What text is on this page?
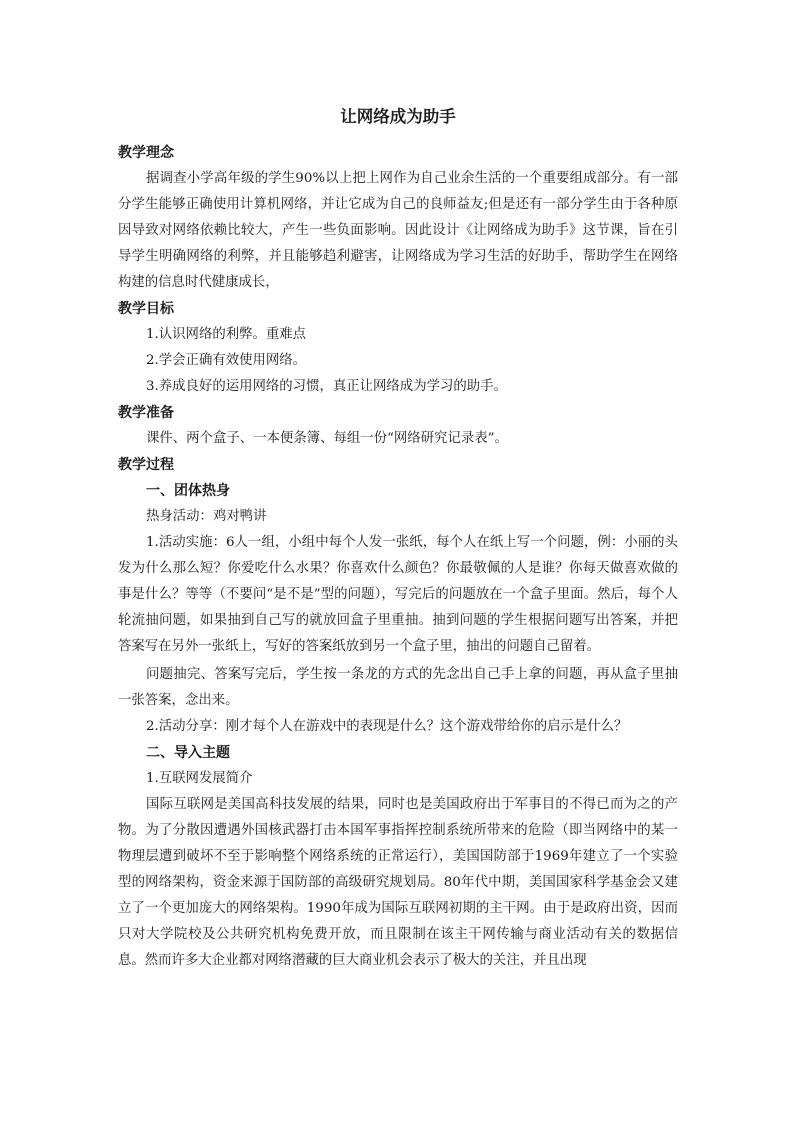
让网络成为助手
教学理念

据调查小学高年级的学生90%以上把上网作为自己业余生活的一个重要组成部分。有一部分学生能够正确使用计算机网络，并让它成为自己的良师益友;但是还有一部分学生由于各种原因导致对网络依赖比较大，产生一些负面影响。因此设计《让网络成为助手》这节课，旨在引导学生明确网络的利弊，并且能够趋利避害，让网络成为学习生活的好助手，帮助学生在网络构建的信息时代健康成长，

教学目标

1.认识网络的利弊。重难点

2.学会正确有效使用网络。

3.养成良好的运用网络的习惯，真正让网络成为学习的助手。

教学准备

课件、两个盒子、一本便条簿、每组一份“网络研究记录表”。

教学过程
一、团体热身

热身活动：鸡对鸭讲

1.活动实施：6人一组，小组中每个人发一张纸，每个人在纸上写一个问题，例：小丽的头发为什么那么短？你爱吃什么水果？你喜欢什么颜色？你最敬佩的人是谁？你每天做喜欢做的事是什么？等等（不要问“是不是”型的问题），写完后的问题放在一个盒子里面。然后，每个人轮流抽问题，如果抽到自己写的就放回盒子里重抽。抽到问题的学生根据问题写出答案，并把答案写在另外一张纸上，写好的答案纸放到另一个盒子里，抽出的问题自己留着。

问题抽完、答案写完后，学生按一条龙的方式的先念出自己手上拿的问题，再从盒子里抽一张答案，念出来。

2.活动分享：刚才每个人在游戏中的表现是什么？这个游戏带给你的启示是什么？

二、导入主题

1.互联网发展简介

国际互联网是美国高科技发展的结果，同时也是美国政府出于军事目的不得已而为之的产物。为了分散因遭遇外国核武器打击本国军事指挥控制系统所带来的危险（即当网络中的某一物理层遭到破坏不至于影响整个网络系统的正常运行），美国国防部于1969年建立了一个实验型的网络架构，资金来源于国防部的高级研究规划局。80年代中期，美国国家科学基金会又建立了一个更加庞大的网络架构。1990年成为国际互联网初期的主干网。由于是政府出资，因而只对大学院校及公共研究机构免费开放，而且限制在该主干网传输与商业活动有关的数据信息。然而许多大企业都对网络潜藏的巨大商业机会表示了极大的关注，并且出现
